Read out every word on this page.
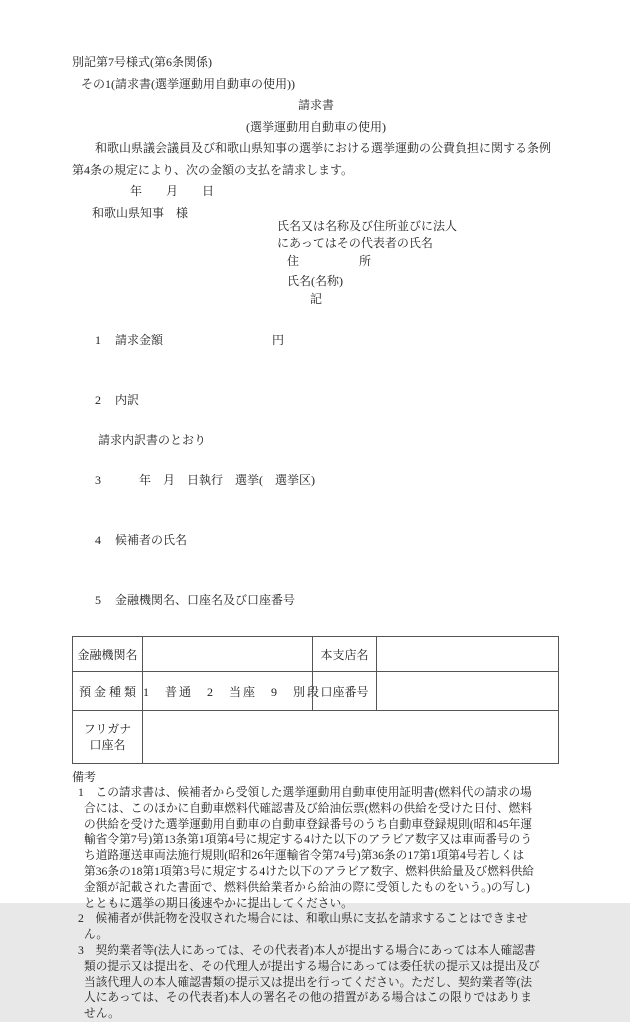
別記第7号様式(第6条関係)
その1(請求書(選挙運動用自動車の使用))
請求書
(選挙運動用自動車の使用)
和歌山県議会議員及び和歌山県知事の選挙における選挙運動の公費負担に関する条例
第4条の規定により、次の金額の支払を請求します。
年　　月　　日
和歌山県知事　様
氏名又は名称及び住所並びに法人
にあってはその代表者の氏名
住　　　　　所
氏名(名称)
記

1 請求金額	円

2 内訳

請求内訳書のとおり

3　　年　月　日執行　選挙(　選挙区)

4 候補者の氏名

5 金融機関名、口座名及び口座番号

金融機関名		本支店名	
預 金 種 類	1　普通　2　当座　9　別段	口座番号	

フリガナ
口座名			

備考
1　この請求書は、候補者から受領した選挙運動用自動車使用証明書(燃料代の請求の場
合には、このほかに自動車燃料代確認書及び給油伝票(燃料の供給を受けた日付、燃料
の供給を受けた選挙運動用自動車の自動車登録番号のうち自動車登録規則(昭和45年運
輸省令第7号)第13条第1項第4号に規定する4けた以下のアラビア数字又は車両番号のう
ち道路運送車両法施行規則(昭和26年運輸省令第74号)第36条の17第1項第4号若しくは
第36条の18第1項第3号に規定する4けた以下のアラビア数字、燃料供給量及び燃料供給
金額が記載された書面で、燃料供給業者から給油の際に受領したものをいう。)の写し)
とともに選挙の期日後速やかに提出してください。
2　候補者が供託物を没収された場合には、和歌山県に支払を請求することはできませ
ん。
3　契約業者等(法人にあっては、その代表者)本人が提出する場合にあっては本人確認書
類の提示又は提出を、その代理人が提出する場合にあっては委任状の提示又は提出及び
当該代理人の本人確認書類の提示又は提出を行ってください。ただし、契約業者等(法
人にあっては、その代表者)本人の署名その他の措置がある場合はこの限りではありま
せん。
